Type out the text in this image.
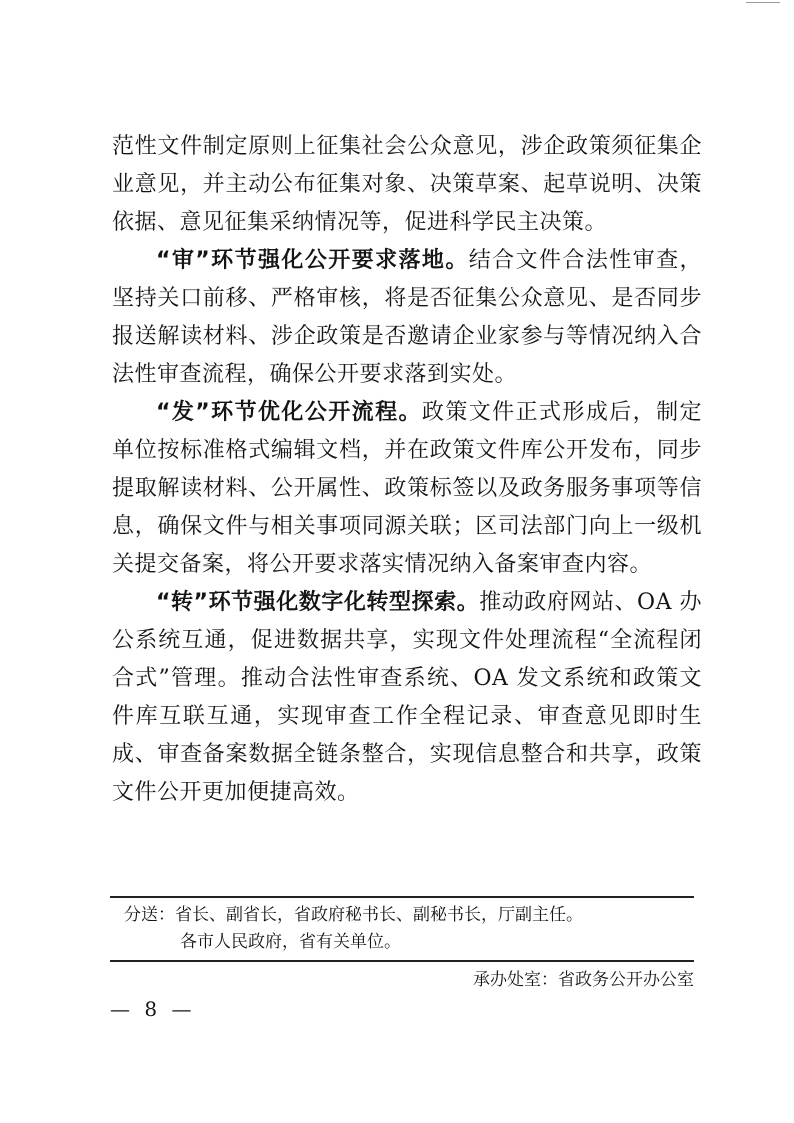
范性文件制定原则上征集社会公众意见，涉企政策须征集企业意见，并主动公布征集对象、决策草案、起草说明、决策依据、意见征集采纳情况等，促进科学民主决策。

“审”环节强化公开要求落地。结合文件合法性审查，坚持关口前移、严格审核，将是否征集公众意见、是否同步报送解读材料、涉企政策是否邀请企业家参与等情况纳入合法性审查流程，确保公开要求落到实处。

“发”环节优化公开流程。政策文件正式形成后，制定单位按标准格式编辑文档，并在政策文件库公开发布，同步提取解读材料、公开属性、政策标签以及政务服务事项等信息，确保文件与相关事项同源关联；区司法部门向上一级机关提交备案，将公开要求落实情况纳入备案审查内容。

“转”环节强化数字化转型探索。推动政府网站、OA 办公系统互通，促进数据共享，实现文件处理流程“全流程闭合式”管理。推动合法性审查系统、OA 发文系统和政策文件库互联互通，实现审查工作全程记录、审查意见即时生成、审查备案数据全链条整合，实现信息整合和共享，政策文件公开更加便捷高效。

分送：省长、副省长，省政府秘书长、副秘书长，厅副主任。
各市人民政府，省有关单位。
承办处室：省政务公开办公室
— 8 —
